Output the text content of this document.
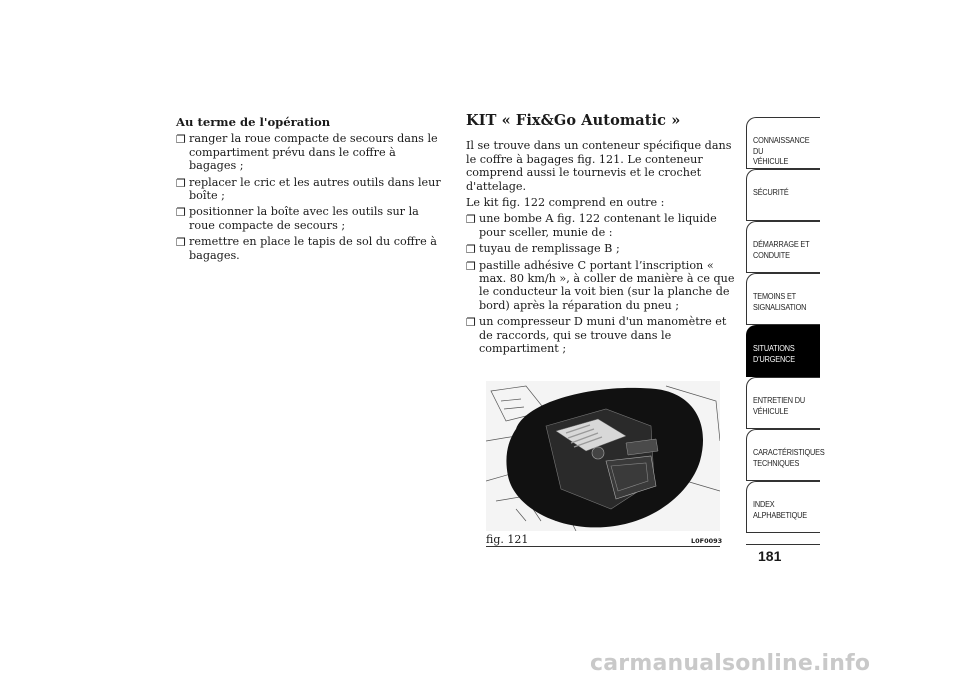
Au terme de l'opération
❐ ranger la roue compacte de secours dans le compartiment prévu dans le coffre à bagages ;
❐ replacer le cric et les autres outils dans leur boîte ;
❐ positionner la boîte avec les outils sur la roue compacte de secours ;
❐ remettre en place le tapis de sol du coffre à bagages.
KIT « Fix&Go Automatic »

Il se trouve dans un conteneur spécifique dans le coffre à bagages fig. 121. Le conteneur comprend aussi le tournevis et le crochet d'attelage.

Le kit fig. 122 comprend en outre :

❐ une bombe A fig. 122 contenant le liquide pour sceller, munie de :
❐ tuyau de remplissage B ;
❐ pastille adhésive C portant l’inscription « max. 80 km/h », à coller de manière à ce que le conducteur la voit bien (sur la planche de bord) après la réparation du pneu ;
❐ un compresseur D muni d'un manomètre et de raccords, qui se trouve dans le compartiment ;
fig. 121	L0F0093
CONNAISSANCE DU
VÉHICULE
SÉCURITÉ
DÉMARRAGE ET
CONDUITE
TEMOINS ET
SIGNALISATION
SITUATIONS
D’URGENCE
ENTRETIEN DU
VÉHICULE
CARACTÉRISTIQUES
TECHNIQUES
INDEX
ALPHABETIQUE
181
carmanualsonline.info
